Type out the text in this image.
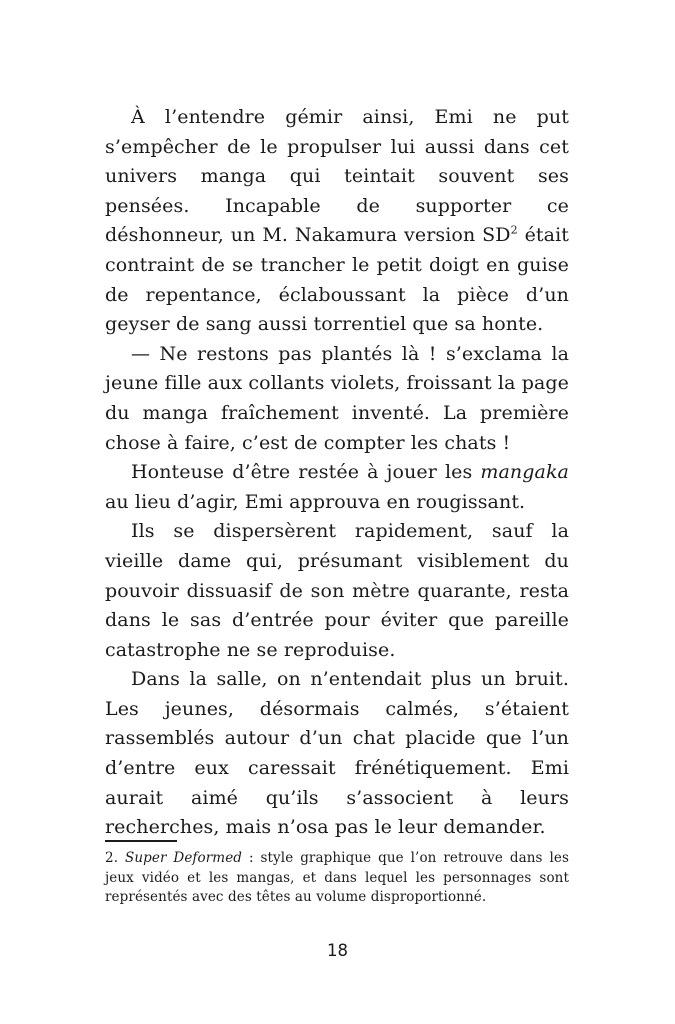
À l’entendre gémir ainsi, Emi ne put s’empêcher de le propulser lui aussi dans cet univers manga qui teintait souvent ses pensées. Incapable de supporter ce déshonneur, un M. Nakamura version $SD^2$ était contraint de se trancher le petit doigt en guise de repentance, éclaboussant la pièce d’un geyser de sang aussi torrentiel que sa honte.

— Ne restons pas plantés là ! s’exclama la jeune fille aux collants violets, froissant la page du manga fraîchement inventé. La première chose à faire, c’est de compter les chats !

Honteuse d’être restée à jouer les mangaka au lieu d’agir, Emi approuva en rougissant.

Ils se dispersèrent rapidement, sauf la vieille dame qui, présumant visiblement du pouvoir dissuasif de son mètre quarante, resta dans le sas d’entrée pour éviter que pareille catastrophe ne se reproduise.

Dans la salle, on n’entendait plus un bruit. Les jeunes, désormais calmés, s’étaient rassemblés autour d’un chat placide que l’un d’entre eux caressait frénétiquement. Emi aurait aimé qu’ils s’associent à leurs recherches, mais n’osa pas le leur demander.

2. Super Deformed : style graphique que l’on retrouve dans les jeux vidéo et les mangas, et dans lequel les personnages sont représentés avec des têtes au volume disproportionné.
18
